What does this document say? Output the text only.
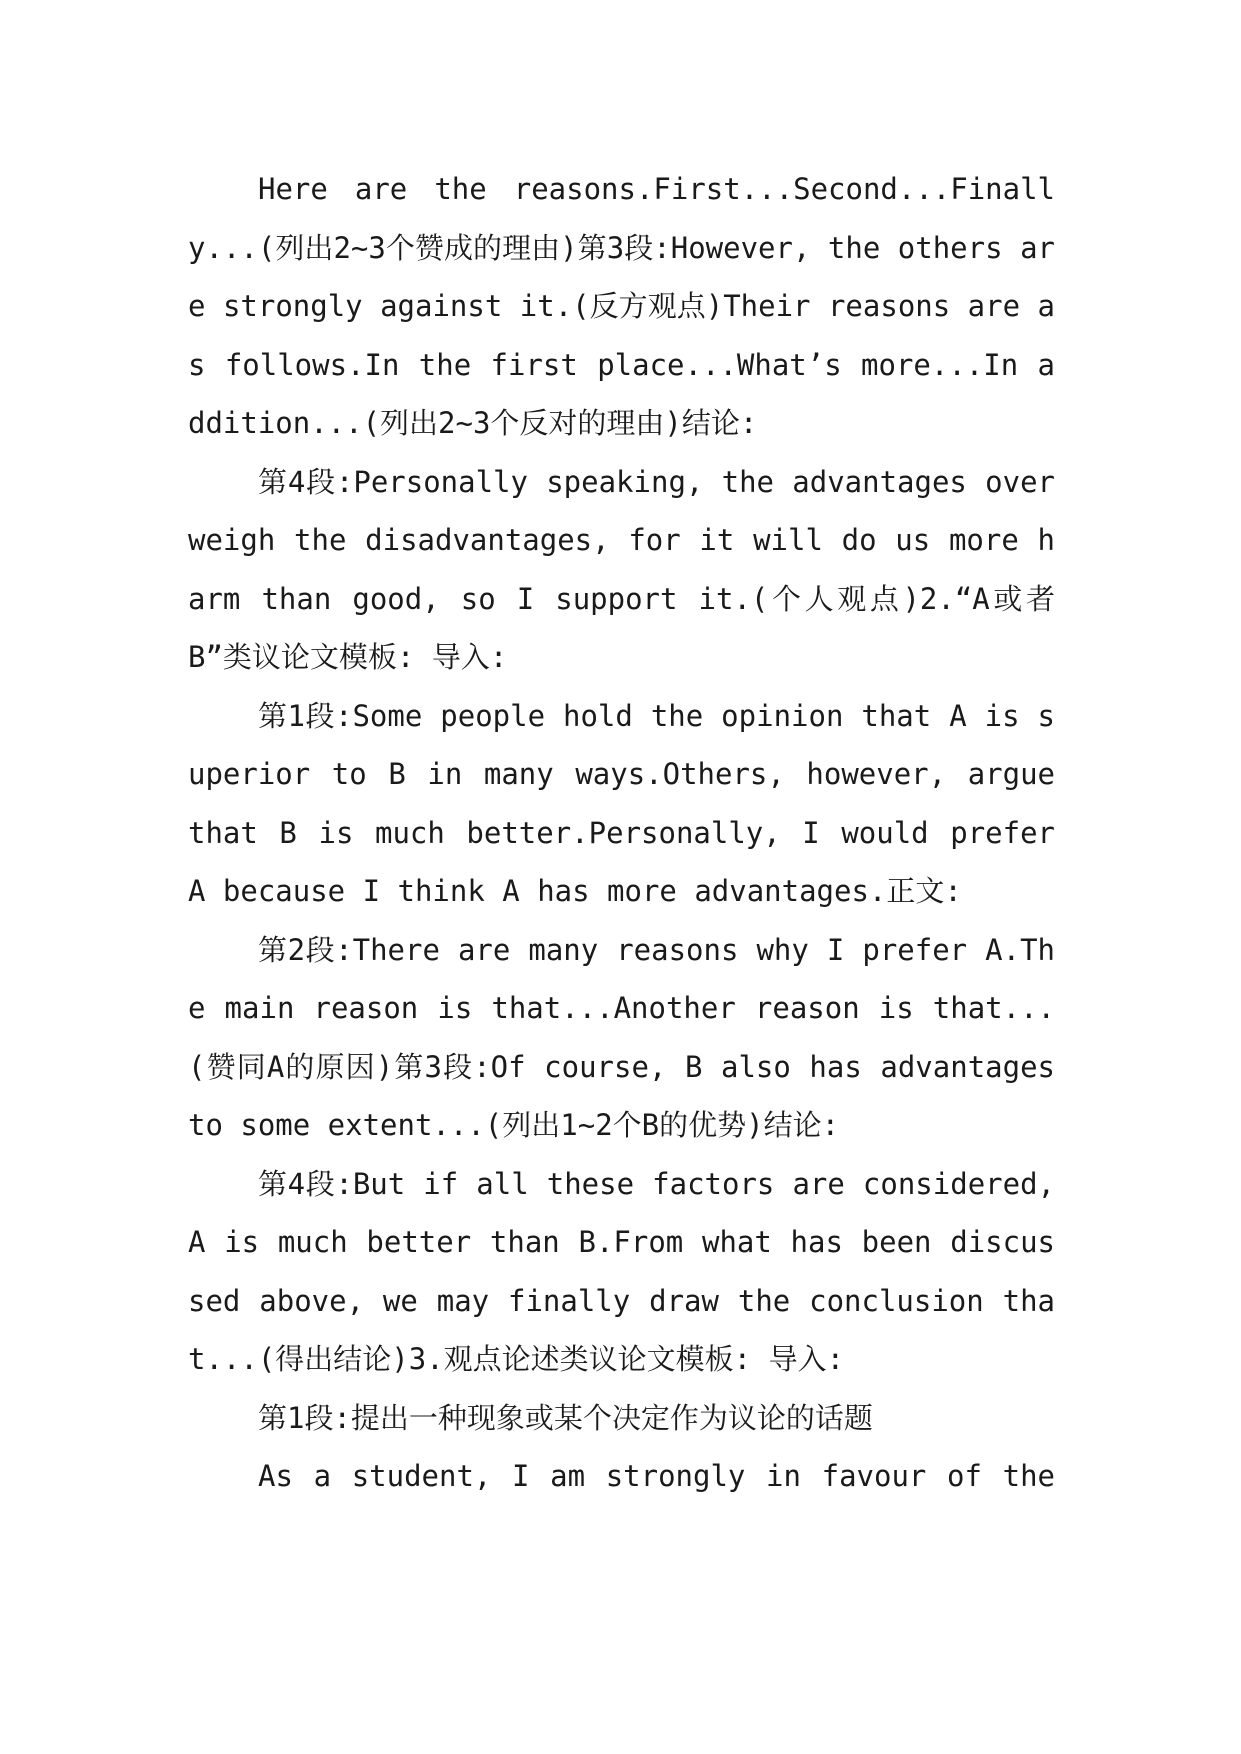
Here are the reasons.First...Second...Finally...(列出2~3个赞成的理由)第3段:However, the others are strongly against it.(反方观点)Their reasons are as follows.In the first place...What’s more...In addition...(列出2~3个反对的理由)结论:

第4段:Personally speaking, the advantages overweigh the disadvantages, for it will do us more harm than good, so I support it.(个人观点)2.“A或者B”类议论文模板: 导入:

第1段:Some people hold the opinion that A is superior to B in many ways.Others, however, argue that B is much better.Personally, I would prefer A because I think A has more advantages.正文:

第2段:There are many reasons why I prefer A.The main reason is that...Another reason is that...(赞同A的原因)第3段:Of course, B also has advantages to some extent...(列出1~2个B的优势)结论:

第4段:But if all these factors are considered, A is much better than B.From what has been discussed above, we may finally draw the conclusion that...(得出结论)3.观点论述类议论文模板: 导入:

第1段:提出一种现象或某个决定作为议论的话题

As a student, I am strongly in favour of the
